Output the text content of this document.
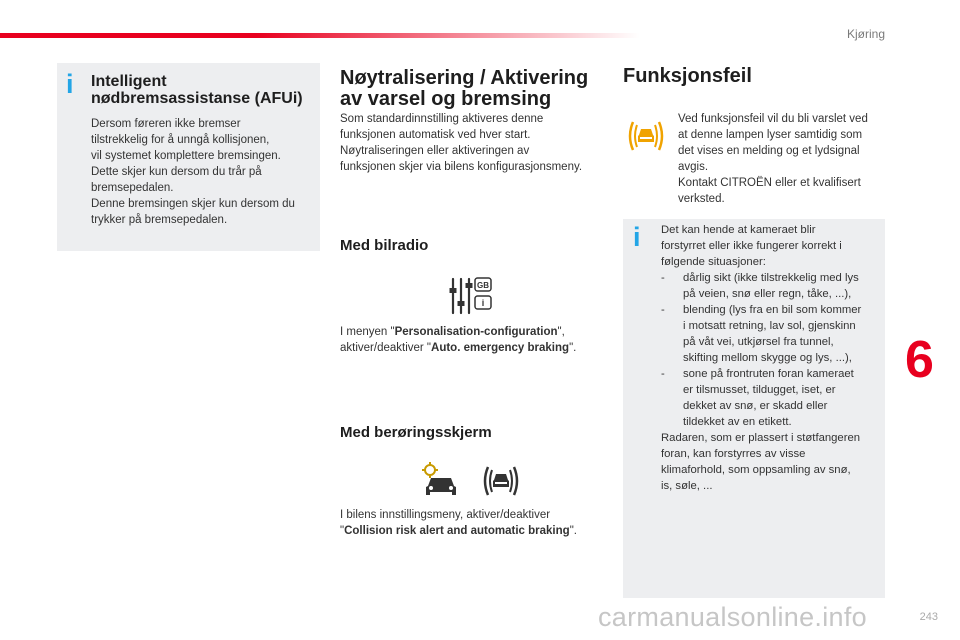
Kjøring
6
243
carmanualsonline.info
i Intelligent
nødbremsassistanse (AFUi)
Dersom føreren ikke bremser
tilstrekkelig for å unngå kollisjonen,
vil systemet komplettere bremsingen.
Dette skjer kun dersom du trår på
bremsepedalen.
Denne bremsingen skjer kun dersom du
trykker på bremsepedalen.
Nøytralisering / Aktivering
av varsel og bremsing
Som standardinnstilling aktiveres denne
funksjonen automatisk ved hver start.
Nøytraliseringen eller aktiveringen av
funksjonen skjer via bilens konfigurasjonsmeny.
Med bilradio
GB
i
I menyen "Personalisation-configuration",
aktiver/deaktiver "Auto. emergency braking".
Med berøringsskjerm
I bilens innstillingsmeny, aktiver/deaktiver
"Collision risk alert and automatic braking".
Funksjonsfeil
Ved funksjonsfeil vil du bli varslet ved
at denne lampen lyser samtidig som
det vises en melding og et lydsignal
avgis.
Kontakt CITROËN eller et kvalifisert
verksted.
i Det kan hende at kameraet blir
forstyrret eller ikke fungerer korrekt i
følgende situasjoner:
- dårlig sikt (ikke tilstrekkelig med lys
på veien, snø eller regn, tåke, ...),
- blending (lys fra en bil som kommer
i motsatt retning, lav sol, gjenskinn
på våt vei, utkjørsel fra tunnel,
skifting mellom skygge og lys, ...),
- sone på frontruten foran kameraet
er tilsmusset, tildugget, iset, er
dekket av snø, er skadd eller
tildekket av en etikett.
Radaren, som er plassert i støtfangeren
foran, kan forstyrres av visse
klimaforhold, som oppsamling av snø,
is, søle, ...
